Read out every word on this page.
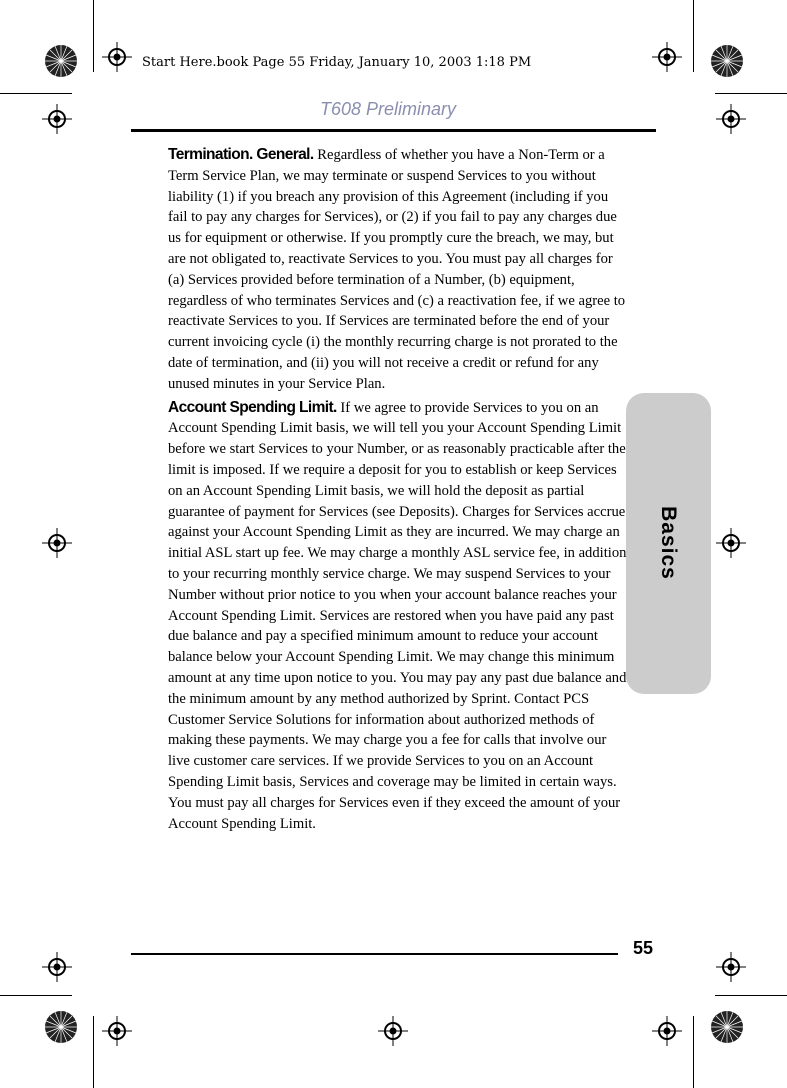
Start Here.book Page 55 Friday, January 10, 2003 1:18 PM
T608 Preliminary
Basics

Termination. General. Regardless of whether you have a Non-Term or a Term Service Plan, we may terminate or suspend Services to you without liability (1) if you breach any provision of this Agreement (including if you fail to pay any charges for Services), or (2) if you fail to pay any charges due us for equipment or otherwise. If you promptly cure the breach, we may, but are not obligated to, reactivate Services to you. You must pay all charges for (a) Services provided before termination of a Number, (b) equipment, regardless of who terminates Services and (c) a reactivation fee, if we agree to reactivate Services to you. If Services are terminated before the end of your current invoicing cycle (i) the monthly recurring charge is not prorated to the date of termination, and (ii) you will not receive a credit or refund for any unused minutes in your Service Plan.

Account Spending Limit. If we agree to provide Services to you on an Account Spending Limit basis, we will tell you your Account Spending Limit before we start Services to your Number, or as reasonably practicable after the limit is imposed. If we require a deposit for you to establish or keep Services on an Account Spending Limit basis, we will hold the deposit as partial guarantee of payment for Services (see Deposits). Charges for Services accrue against your Account Spending Limit as they are incurred. We may charge an initial ASL start up fee. We may charge a monthly ASL service fee, in addition to your recurring monthly service charge. We may suspend Services to your Number without prior notice to you when your account balance reaches your Account Spending Limit. Services are restored when you have paid any past due balance and pay a specified minimum amount to reduce your account balance below your Account Spending Limit. We may change this minimum amount at any time upon notice to you. You may pay any past due balance and the minimum amount by any method authorized by Sprint. Contact PCS Customer Service Solutions for information about authorized methods of making these payments. We may charge you a fee for calls that involve our live customer care services. If we provide Services to you on an Account Spending Limit basis, Services and coverage may be limited in certain ways. You must pay all charges for Services even if they exceed the amount of your Account Spending Limit.

55
